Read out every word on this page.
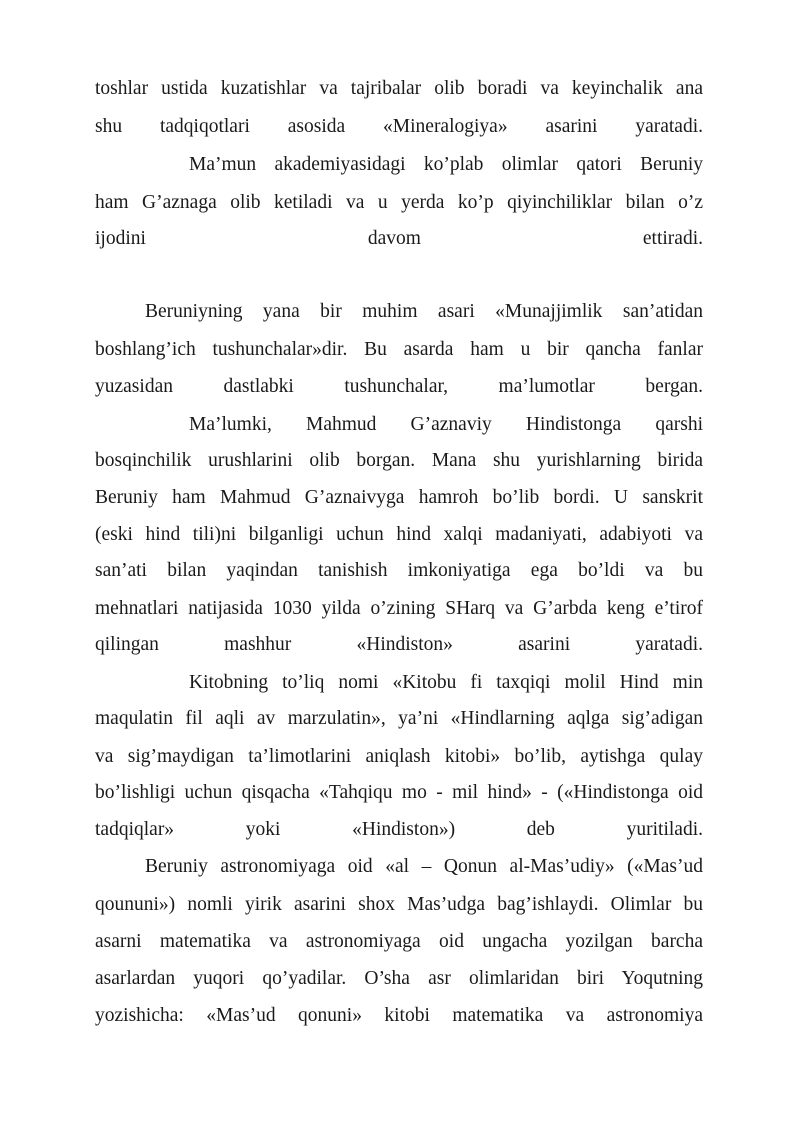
toshlar ustida kuzatishlar va tajribalar olib boradi va keyinchalik ana
shu tadqiqotlari asosida «Mineralogiya» asarini yaratadi.
Ma’mun akademiyasidagi ko’plab olimlar qatori Beruniy
ham G’aznaga olib ketiladi va u yerda ko’p qiyinchiliklar bilan o’z
ijodini davom ettiradi.
Beruniyning yana bir muhim asari «Munajjimlik san’atidan
boshlang’ich tushunchalar»dir. Bu asarda ham u bir qancha fanlar
yuzasidan dastlabki tushunchalar, ma’lumotlar bergan.
Ma’lumki, Mahmud G’aznaviy Hindistonga qarshi
bosqinchilik urushlarini olib borgan. Mana shu yurishlarning birida
Beruniy ham Mahmud G’aznaivyga hamroh bo’lib bordi. U sanskrit
(eski hind tili)ni bilganligi uchun hind xalqi madaniyati, adabiyoti va
san’ati bilan yaqindan tanishish imkoniyatiga ega bo’ldi va bu
mehnatlari natijasida 1030 yilda o’zining SHarq va G’arbda keng e’tirof
qilingan mashhur «Hindiston» asarini yaratadi.
Kitobning to’liq nomi «Kitobu fi taxqiqi molil Hind min
maqulatin fil aqli av marzulatin», ya’ni «Hindlarning aqlga sig’adigan
va sig’maydigan ta’limotlarini aniqlash kitobi» bo’lib, aytishga qulay
bo’lishligi uchun qisqacha «Tahqiqu mo - mil hind» - («Hindistonga oid
tadqiqlar» yoki «Hindiston») deb yuritiladi.
Beruniy astronomiyaga oid «al – Qonun al-Mas’udiy» («Mas’ud
qoununi») nomli yirik asarini shox Mas’udga bag’ishlaydi. Olimlar bu
asarni matematika va astronomiyaga oid ungacha yozilgan barcha
asarlardan yuqori qo’yadilar. O’sha asr olimlaridan biri Yoqutning
yozishicha: «Mas’ud qonuni» kitobi matematika va astronomiya
